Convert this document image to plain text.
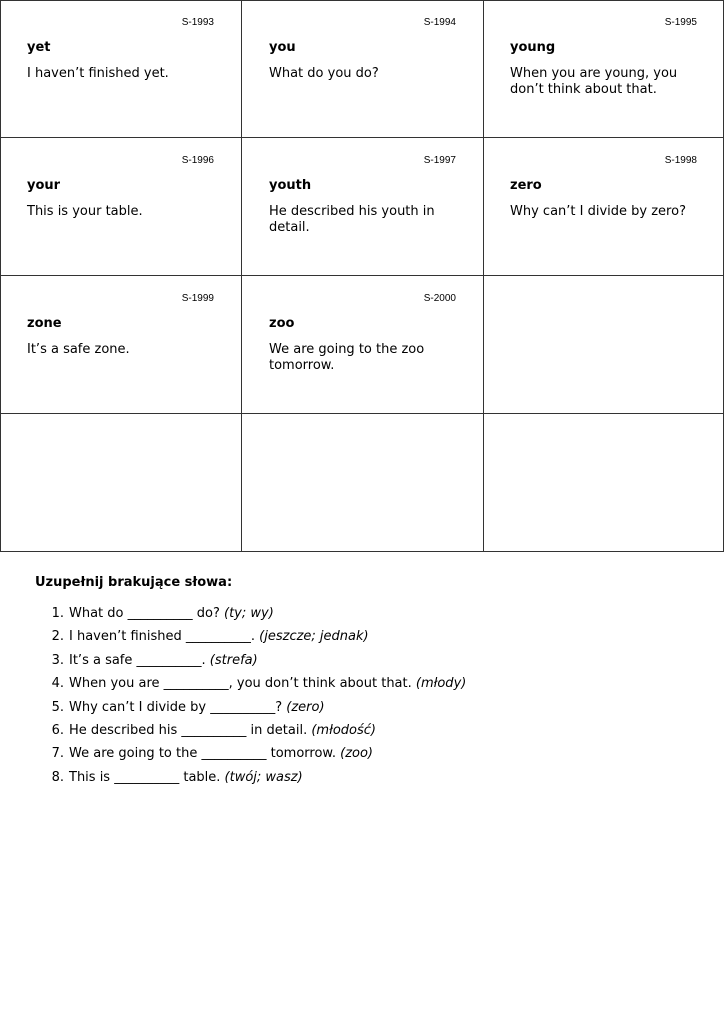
S-1993
yet
I haven’t finished yet.
S-1994
you
What do you do?
S-1995
young
When you are young, you don’t think about that.
S-1996
your
This is your table.
S-1997
youth
He described his youth in detail.
S-1998
zero
Why can’t I divide by zero?
S-1999
zone
It’s a safe zone.
S-2000
zoo
We are going to the zoo tomorrow.
Uzupełnij brakujące słowa:
1. What do __________ do? (ty; wy)
2. I haven’t finished __________. (jeszcze; jednak)
3. It’s a safe __________. (strefa)
4. When you are __________, you don’t think about that. (młody)
5. Why can’t I divide by __________? (zero)
6. He described his __________ in detail. (młodość)
7. We are going to the __________ tomorrow. (zoo)
8. This is __________ table. (twój; wasz)
